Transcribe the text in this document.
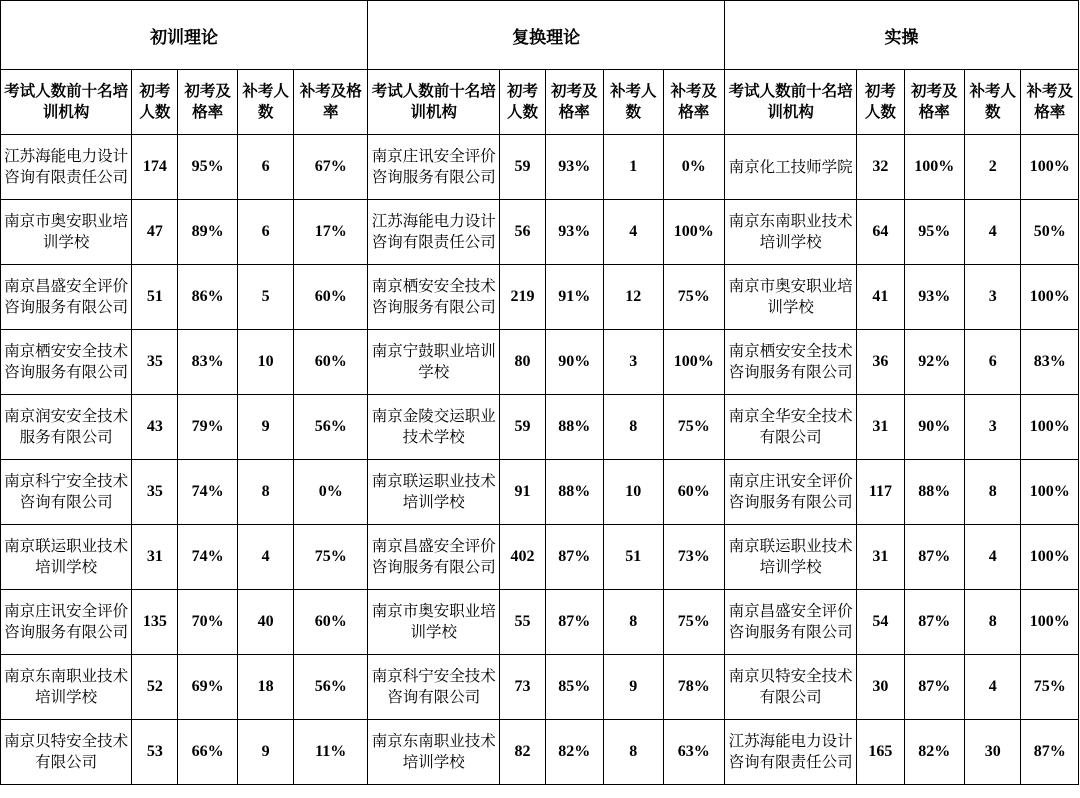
初训理论					复换理论					实操				
考试人数前十名培训机构	初考人数	初考及格率	补考人数	补考及格率	考试人数前十名培训机构	初考人数	初考及格率	补考人数	补考及格率	考试人数前十名培训机构	初考人数	初考及格率	补考人数	补考及格率
江苏海能电力设计咨询有限责任公司	174	95%	6	67%	南京庄讯安全评价咨询服务有限公司	59	93%	1	0%	南京化工技师学院	32	100%	2	100%
南京市奥安职业培训学校	47	89%	6	17%	江苏海能电力设计咨询有限责任公司	56	93%	4	100%	南京东南职业技术培训学校	64	95%	4	50%
南京昌盛安全评价咨询服务有限公司	51	86%	5	60%	南京栖安安全技术咨询服务有限公司	219	91%	12	75%	南京市奥安职业培训学校	41	93%	3	100%
南京栖安安全技术咨询服务有限公司	35	83%	10	60%	南京宁鼓职业培训学校	80	90%	3	100%	南京栖安安全技术咨询服务有限公司	36	92%	6	83%
南京润安安全技术服务有限公司	43	79%	9	56%	南京金陵交运职业技术学校	59	88%	8	75%	南京全华安全技术有限公司	31	90%	3	100%
南京科宁安全技术咨询有限公司	35	74%	8	0%	南京联运职业技术培训学校	91	88%	10	60%	南京庄讯安全评价咨询服务有限公司	117	88%	8	100%
南京联运职业技术培训学校	31	74%	4	75%	南京昌盛安全评价咨询服务有限公司	402	87%	51	73%	南京联运职业技术培训学校	31	87%	4	100%
南京庄讯安全评价咨询服务有限公司	135	70%	40	60%	南京市奥安职业培训学校	55	87%	8	75%	南京昌盛安全评价咨询服务有限公司	54	87%	8	100%
南京东南职业技术培训学校	52	69%	18	56%	南京科宁安全技术咨询有限公司	73	85%	9	78%	南京贝特安全技术有限公司	30	87%	4	75%
南京贝特安全技术有限公司	53	66%	9	11%	南京东南职业技术培训学校	82	82%	8	63%	江苏海能电力设计咨询有限责任公司	165	82%	30	87%
